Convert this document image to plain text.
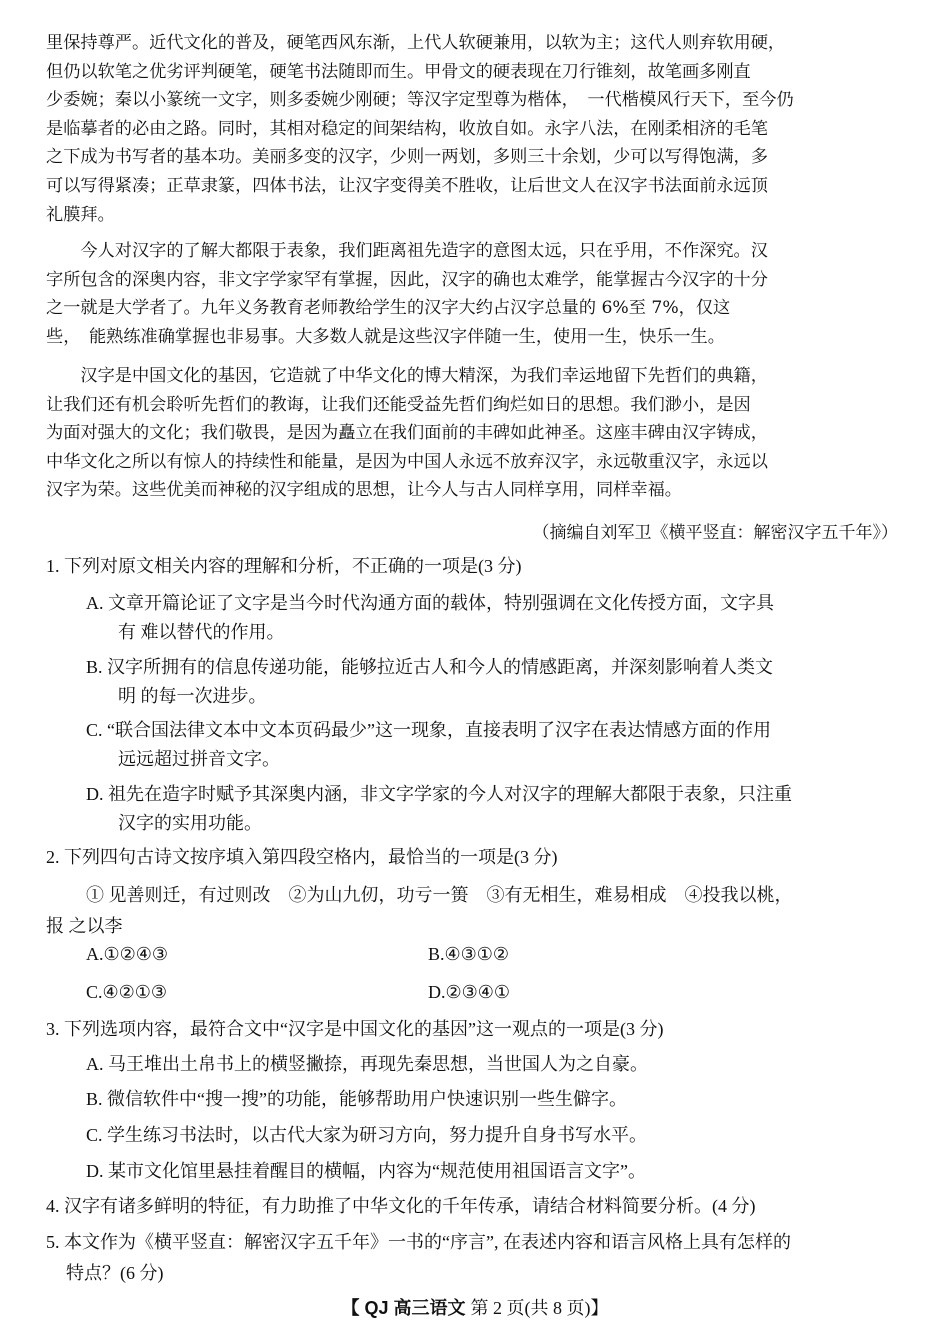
里保持尊严。近代文化的普及，硬笔西风东渐，上代人软硬兼用，以软为主；这代人则弃软用硬，
但仍以软笔之优劣评判硬笔，硬笔书法随即而生。甲骨文的硬表现在刀行锥刻，故笔画多刚直
少委婉；秦以小篆统一文字，则多委婉少刚硬；等汉字定型尊为楷体，　一代楷模风行天下，至今仍
是临摹者的必由之路。同时，其相对稳定的间架结构，收放自如。永字八法，在刚柔相济的毛笔
之下成为书写者的基本功。美丽多变的汉字，少则一两划，多则三十余划，少可以写得饱满，多
可以写得紧凑；正草隶篆，四体书法，让汉字变得美不胜收，让后世文人在汉字书法面前永远顶
礼膜拜。
　　今人对汉字的了解大都限于表象，我们距离祖先造字的意图太远，只在乎用，不作深究。汉
字所包含的深奥内容，非文字学家罕有掌握，因此，汉字的确也太难学，能掌握古今汉字的十分
之一就是大学者了。九年义务教育老师教给学生的汉字大约占汉字总量的 6%至 7%，仅这
些，　能熟练准确掌握也非易事。大多数人就是这些汉字伴随一生，使用一生，快乐一生。
　　汉字是中国文化的基因，它造就了中华文化的博大精深，为我们幸运地留下先哲们的典籍，
让我们还有机会聆听先哲们的教诲，让我们还能受益先哲们绚烂如日的思想。我们渺小，是因
为面对强大的文化；我们敬畏，是因为矗立在我们面前的丰碑如此神圣。这座丰碑由汉字铸成，
中华文化之所以有惊人的持续性和能量，是因为中国人永远不放弃汉字，永远敬重汉字，永远以
汉字为荣。这些优美而神秘的汉字组成的思想，让今人与古人同样享用，同样幸福。
（摘编自刘军卫《横平竖直：解密汉字五千年》）
1. 下列对原文相关内容的理解和分析，不正确的一项是(3 分)
A. 文章开篇论证了文字是当今时代沟通方面的载体，特别强调在文化传授方面，文字具
有 难以替代的作用。
B. 汉字所拥有的信息传递功能，能够拉近古人和今人的情感距离，并深刻影响着人类文
明 的每一次进步。
C. “联合国法律文本中文本页码最少”这一现象，直接表明了汉字在表达情感方面的作用
远远超过拼音文字。
D. 祖先在造字时赋予其深奥内涵，非文字学家的今人对汉字的理解大都限于表象，只注重
汉字的实用功能。
2. 下列四句古诗文按序填入第四段空格内，最恰当的一项是(3 分)
① 见善则迁，有过则改　②为山九仞，功亏一篑　③有无相生，难易相成　④投我以桃，
报 之以李
A.①②④③	B.④③①②
C.④②①③	D.②③④①
3. 下列选项内容，最符合文中“汉字是中国文化的基因”这一观点的一项是(3 分)
A. 马王堆出土帛书上的横竖撇捺，再现先秦思想，当世国人为之自豪。
B. 微信软件中“搜一搜”的功能，能够帮助用户快速识别一些生僻字。
C. 学生练习书法时，以古代大家为研习方向，努力提升自身书写水平。
D. 某市文化馆里悬挂着醒目的横幅，内容为“规范使用祖国语言文字”。
4. 汉字有诸多鲜明的特征，有力助推了中华文化的千年传承，请结合材料简要分析。(4 分)
5. 本文作为《横平竖直：解密汉字五千年》一书的“序言”, 在表述内容和语言风格上具有怎样的
特点？(6 分)
【 QJ 高三语文 第 2 页(共 8 页)】
